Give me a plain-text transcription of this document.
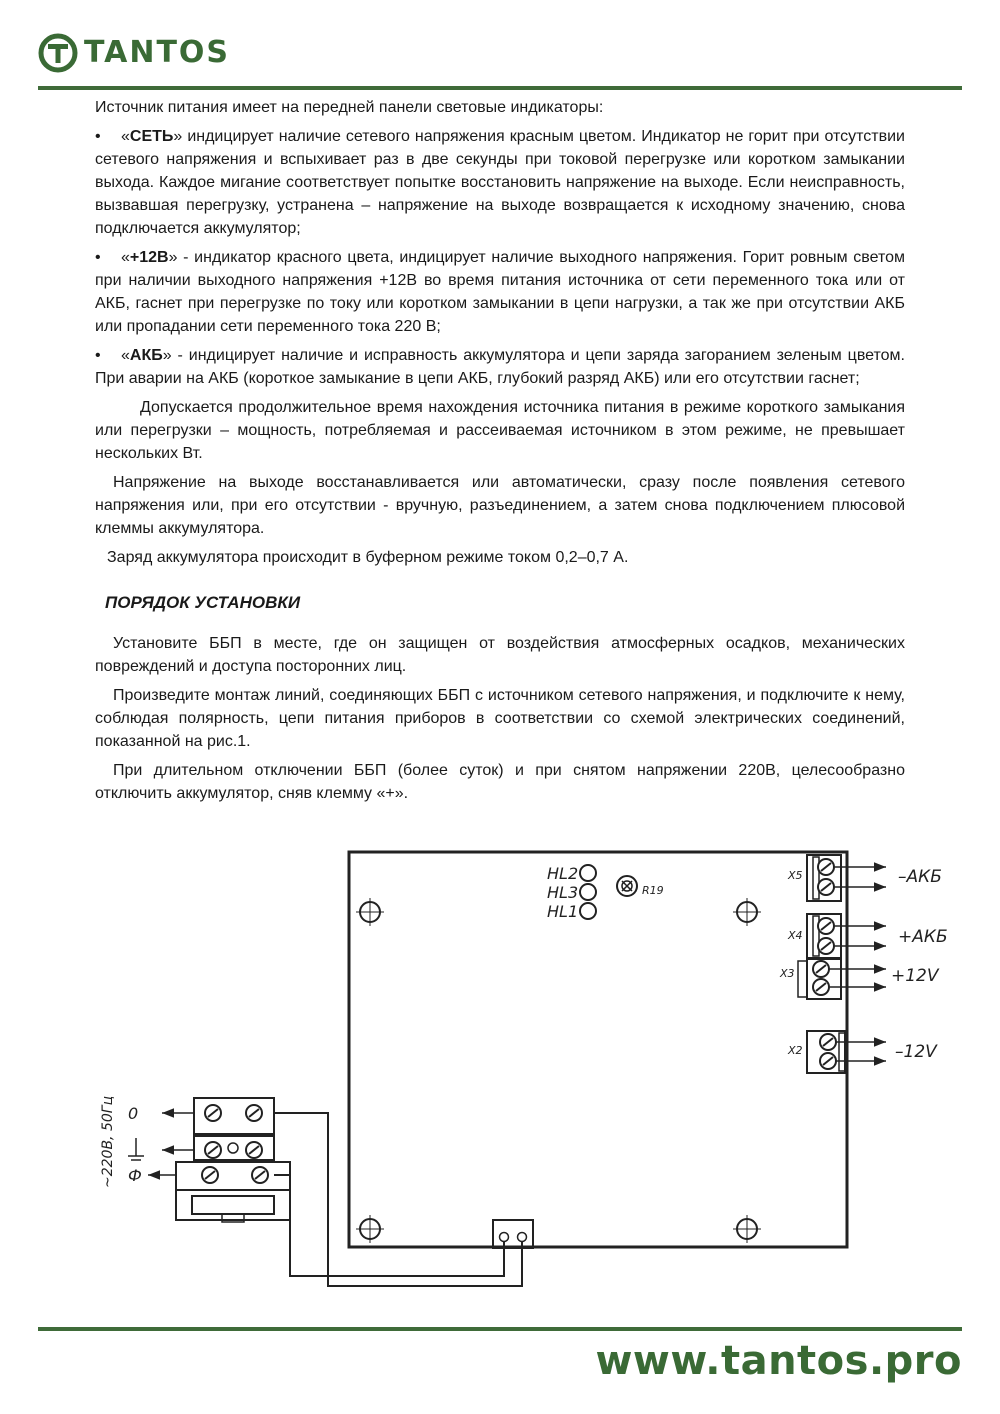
TANTOS

Источник питания имеет на передней панели световые индикаторы:

• «СЕТЬ» индицирует наличие сетевого напряжения красным цветом. Индикатор не горит при отсутствии сетевого напряжения и вспыхивает раз в две секунды при токовой перегрузке или коротком замыкании выхода. Каждое мигание соответствует попытке восстановить напряжение на выходе. Если неисправность, вызвавшая перегрузку, устранена – напряжение на выходе возвращается к исходному значению, снова подключается аккумулятор;

• «+12В» - индикатор красного цвета, индицирует наличие выходного напряжения. Горит ровным светом при наличии выходного напряжения +12В во время питания источника от сети переменного тока или от АКБ, гаснет при перегрузке по току или коротком замыкании в цепи нагрузки, а так же при отсутствии АКБ или пропадании сети переменного тока 220 В;

• «АКБ» - индицирует наличие и исправность аккумулятора и цепи заряда загоранием зеленым цветом. При аварии на АКБ (короткое замыкание в цепи АКБ, глубокий разряд АКБ) или его отсутствии гаснет;

Допускается продолжительное время нахождения источника питания в режиме короткого замыкания или перегрузки – мощность, потребляемая и рассеиваемая источником в этом режиме, не превышает нескольких Вт.

Напряжение на выходе восстанавливается или автоматически, сразу после появления сетевого напряжения или, при его отсутствии - вручную, разъединением, а затем снова подключением плюсовой клеммы аккумулятора.

Заряд аккумулятора происходит в буферном режиме током 0,2–0,7 А.

ПОРЯДОК УСТАНОВКИ

Установите ББП в месте, где он защищен от воздействия атмосферных осадков, механических повреждений и доступа посторонних лиц.

Произведите монтаж линий, соединяющих ББП с источником сетевого напряжения, и подключите к нему, соблюдая полярность, цепи питания приборов в соответствии со схемой электрических соединений, показанной на рис.1.

При длительном отключении ББП (более суток) и при снятом напряжении 220В, целесообразно отключить аккумулятор, сняв клемму «+».

HL2
HL3
HL1
R19
X5	–АКБ
X4	+АКБ
X3	+12V
X2	–12V
0
Ф
~220В, 50Гц
www.tantos.pro
